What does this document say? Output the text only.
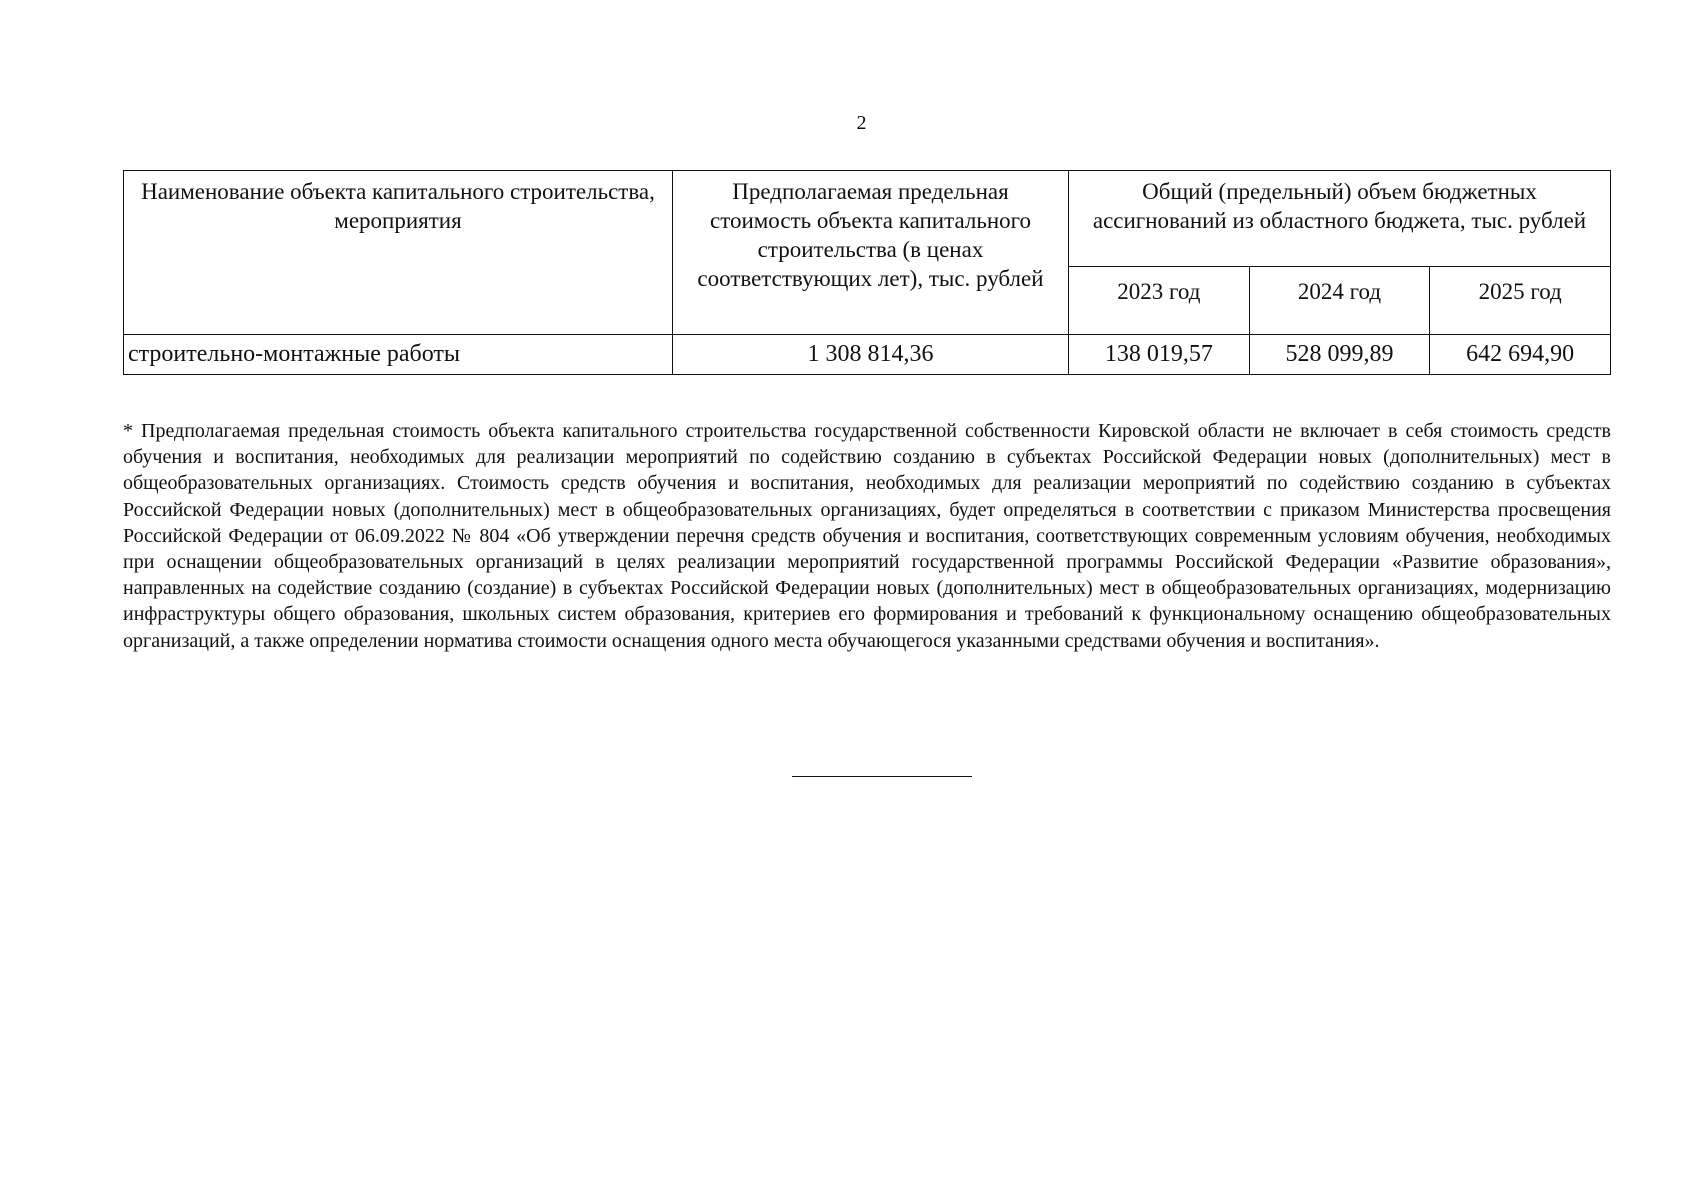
2
Наименование объекта капитального строительства, мероприятия	Предполагаемая предельная стоимость объекта капитального строительства (в ценах соответствующих лет), тыс. рублей	Общий (предельный) объем бюджетных ассигнований из областного бюджета, тыс. рублей		
		2023 год	2024 год	2025 год
строительно-монтажные работы	1 308 814,36	138 019,57	528 099,89	642 694,90
* Предполагаемая предельная стоимость объекта капитального строительства государственной собственности Кировской области не включает в себя стоимость средств обучения и воспитания, необходимых для реализации мероприятий по содействию созданию в субъектах Российской Федерации новых (дополнительных) мест в общеобразовательных организациях. Стоимость средств обучения и воспитания, необходимых для реализации мероприятий по содействию созданию в субъектах Российской Федерации новых (дополнительных) мест в общеобразовательных организациях, будет определяться в соответствии с приказом Министерства просвещения Российской Федерации от 06.09.2022 № 804 «Об утверждении перечня средств обучения и воспитания, соответствующих современным условиям обучения, необходимых при оснащении общеобразовательных организаций в целях реализации мероприятий государственной программы Российской Федерации «Развитие образования», направленных на содействие созданию (создание) в субъектах Российской Федерации новых (дополнительных) мест в общеобразовательных организациях, модернизацию инфраструктуры общего образования, школьных систем образования, критериев его формирования и требований к функциональному оснащению общеобразовательных организаций, а также определении норматива стоимости оснащения одного места обучающегося указанными средствами обучения и воспитания».
